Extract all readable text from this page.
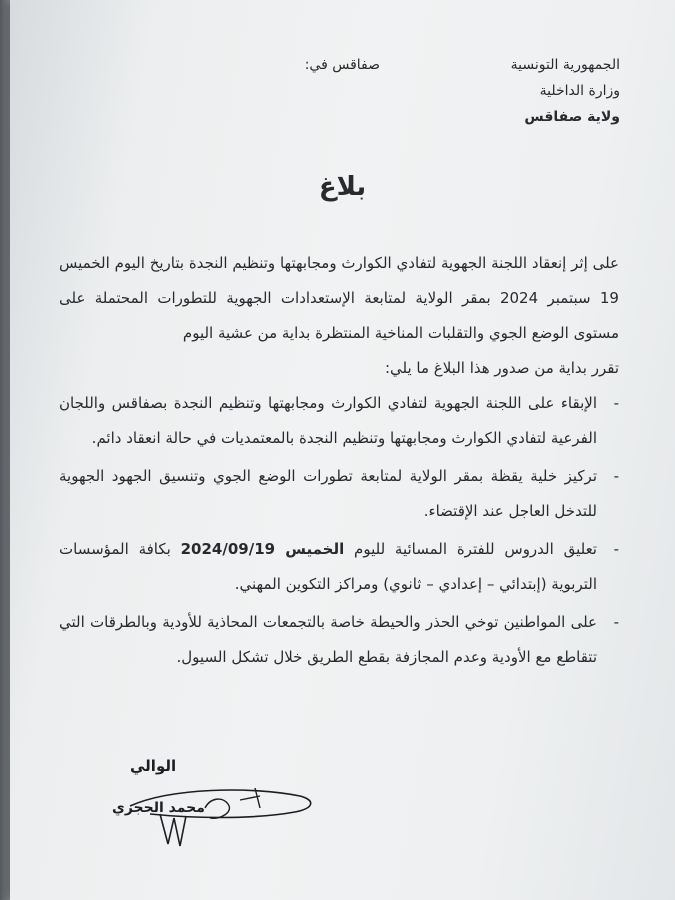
الجمهورية التونسية
وزارة الداخلية
ولاية صفاقس
صفاقس في:
بلاغ

على إثر إنعقاد اللجنة الجهوية لتفادي الكوارث ومجابهتها وتنظيم النجدة بتاريخ اليوم الخميس 19 سبتمبر 2024 بمقر الولاية لمتابعة الإستعدادات الجهوية للتطورات المحتملة على مستوى الوضع الجوي والتقلبات المناخية المنتظرة بداية من عشية اليوم
تقرر بداية من صدور هذا البلاغ ما يلي:

-
الإبقاء على اللجنة الجهوية لتفادي الكوارث ومجابهتها وتنظيم النجدة بصفاقس واللجان الفرعية لتفادي الكوارث ومجابهتها وتنظيم النجدة بالمعتمديات في حالة انعقاد دائم.
-
تركيز خلية يقظة بمقر الولاية لمتابعة تطورات الوضع الجوي وتنسيق الجهود الجهوية للتدخل العاجل عند الإقتضاء.
-
تعليق الدروس للفترة المسائية لليوم الخميس 2024/09/19 بكافة المؤسسات التربوية (إبتدائي – إعدادي – ثانوي) ومراكز التكوين المهني.
-
على المواطنين توخي الحذر والحيطة خاصة بالتجمعات المحاذية للأودية وبالطرقات التي تتقاطع مع الأودية وعدم المجازفة بقطع الطريق خلال تشكل السيول.
الوالي
محمد الحجري
